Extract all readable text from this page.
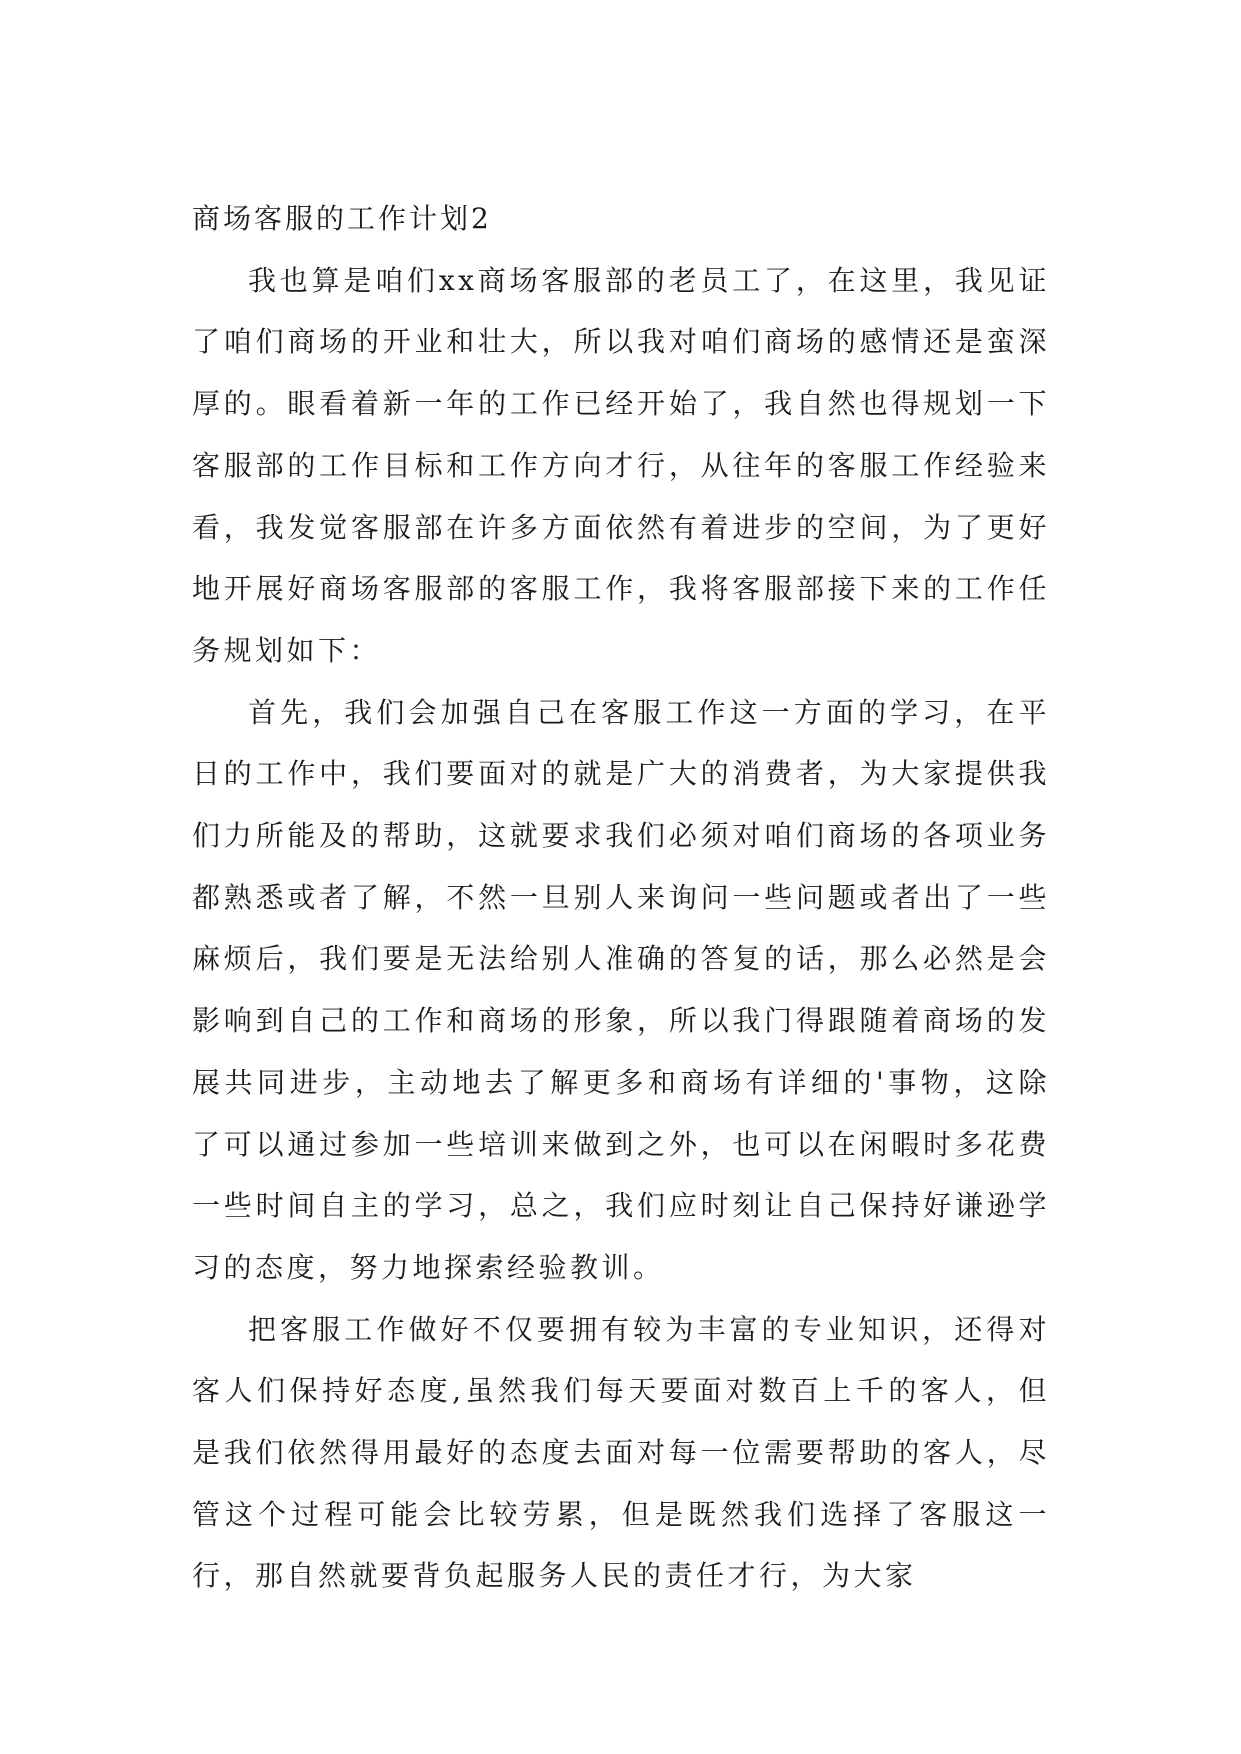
商场客服的工作计划2

我也算是咱们xx商场客服部的老员工了，在这里，我见证了咱们商场的开业和壮大，所以我对咱们商场的感情还是蛮深厚的。眼看着新一年的工作已经开始了，我自然也得规划一下客服部的工作目标和工作方向才行，从往年的客服工作经验来看，我发觉客服部在许多方面依然有着进步的空间，为了更好地开展好商场客服部的客服工作，我将客服部接下来的工作任务规划如下：

首先，我们会加强自己在客服工作这一方面的学习，在平日的工作中，我们要面对的就是广大的消费者，为大家提供我们力所能及的帮助，这就要求我们必须对咱们商场的各项业务都熟悉或者了解，不然一旦别人来询问一些问题或者出了一些麻烦后，我们要是无法给别人准确的答复的话，那么必然是会影响到自己的工作和商场的形象，所以我门得跟随着商场的发展共同进步，主动地去了解更多和商场有详细的'事物，这除了可以通过参加一些培训来做到之外，也可以在闲暇时多花费一些时间自主的学习，总之，我们应时刻让自己保持好谦逊学习的态度，努力地探索经验教训。

把客服工作做好不仅要拥有较为丰富的专业知识，还得对客人们保持好态度,虽然我们每天要面对数百上千的客人，但是我们依然得用最好的态度去面对每一位需要帮助的客人，尽管这个过程可能会比较劳累，但是既然我们选择了客服这一行，那自然就要背负起服务人民的责任才行，为大家
